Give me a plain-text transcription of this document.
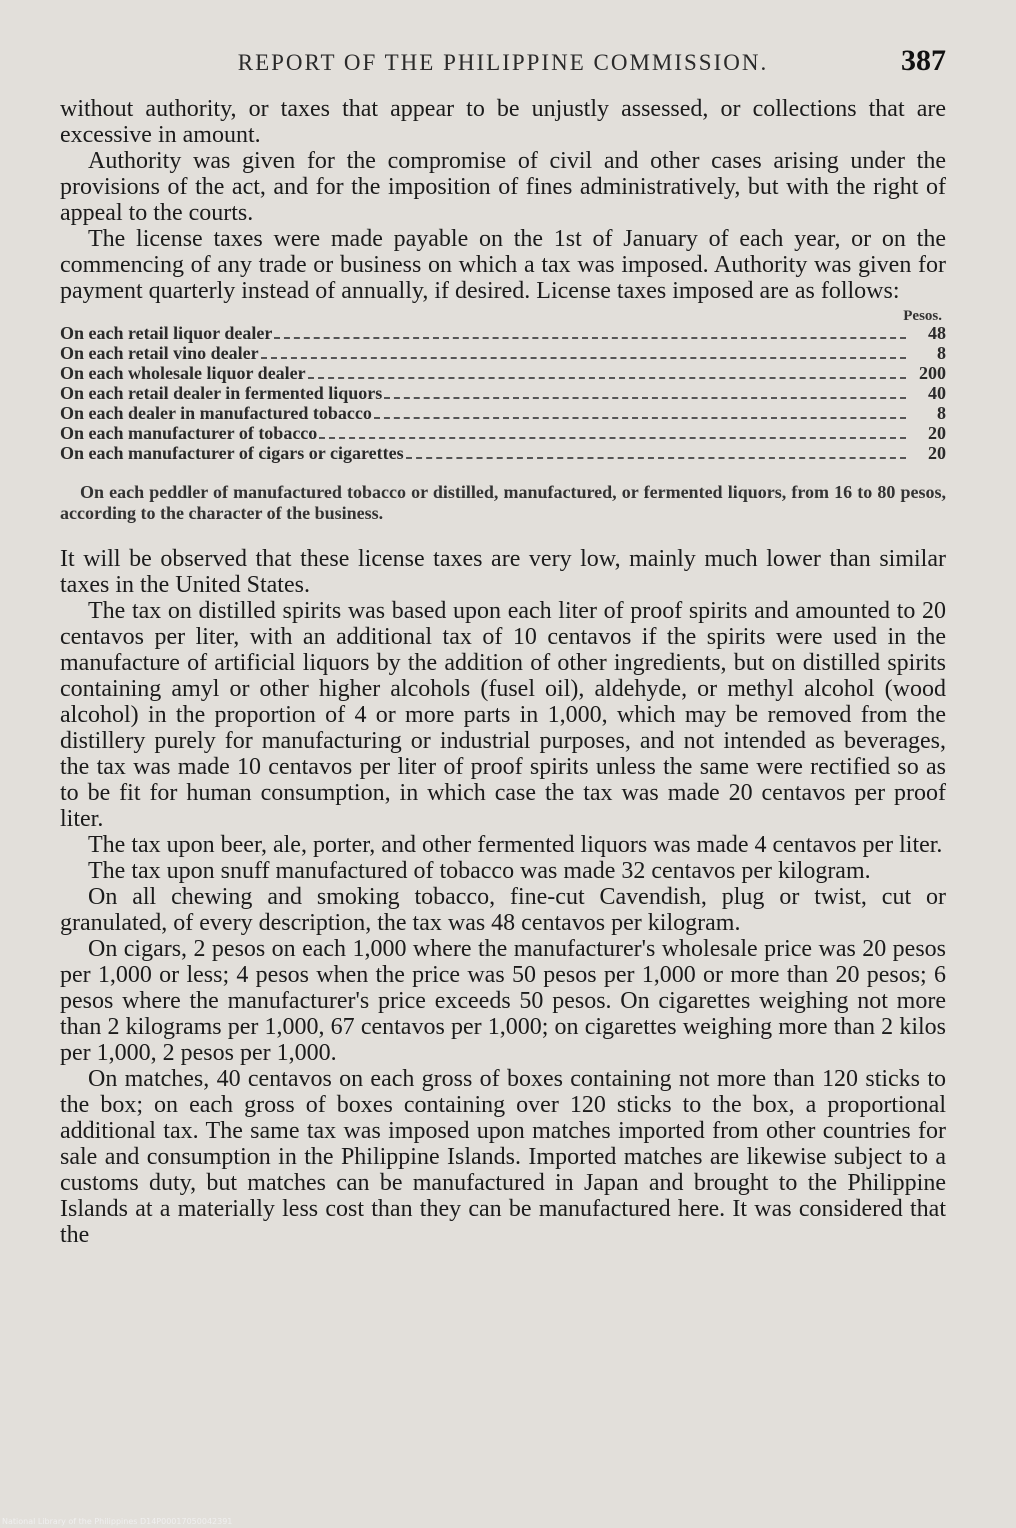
REPORT OF THE PHILIPPINE COMMISSION.	387

without authority, or taxes that appear to be unjustly assessed, or collections that are excessive in amount.

Authority was given for the compromise of civil and other cases arising under the provisions of the act, and for the imposition of fines administratively, but with the right of appeal to the courts.

The license taxes were made payable on the 1st of January of each year, or on the commencing of any trade or business on which a tax was imposed. Authority was given for payment quarterly instead of annually, if desired. License taxes imposed are as follows:

Pesos.
On each retail liquor dealer	48
On each retail vino dealer	8
On each wholesale liquor dealer	200
On each retail dealer in fermented liquors	40
On each dealer in manufactured tobacco	8
On each manufacturer of tobacco	20
On each manufacturer of cigars or cigarettes	20
On each peddler of manufactured tobacco or distilled, manufactured, or fermented liquors, from 16 to 80 pesos, according to the character of the business.

It will be observed that these license taxes are very low, mainly much lower than similar taxes in the United States.

The tax on distilled spirits was based upon each liter of proof spirits and amounted to 20 centavos per liter, with an additional tax of 10 centavos if the spirits were used in the manufacture of artificial liquors by the addition of other ingredients, but on distilled spirits containing amyl or other higher alcohols (fusel oil), aldehyde, or methyl alcohol (wood alcohol) in the proportion of 4 or more parts in 1,000, which may be removed from the distillery purely for manufacturing or industrial purposes, and not intended as beverages, the tax was made 10 centavos per liter of proof spirits unless the same were rectified so as to be fit for human consumption, in which case the tax was made 20 centavos per proof liter.

The tax upon beer, ale, porter, and other fermented liquors was made 4 centavos per liter.

The tax upon snuff manufactured of tobacco was made 32 centavos per kilogram.

On all chewing and smoking tobacco, fine-cut Cavendish, plug or twist, cut or granulated, of every description, the tax was 48 centavos per kilogram.

On cigars, 2 pesos on each 1,000 where the manufacturer's wholesale price was 20 pesos per 1,000 or less; 4 pesos when the price was 50 pesos per 1,000 or more than 20 pesos; 6 pesos where the manufacturer's price exceeds 50 pesos. On cigarettes weighing not more than 2 kilograms per 1,000, 67 centavos per 1,000; on cigarettes weighing more than 2 kilos per 1,000, 2 pesos per 1,000.

On matches, 40 centavos on each gross of boxes containing not more than 120 sticks to the box; on each gross of boxes containing over 120 sticks to the box, a proportional additional tax. The same tax was imposed upon matches imported from other countries for sale and consumption in the Philippine Islands. Imported matches are likewise subject to a customs duty, but matches can be manufactured in Japan and brought to the Philippine Islands at a materially less cost than they can be manufactured here. It was considered that the

National Library of the Philippines D14P00017050042391
